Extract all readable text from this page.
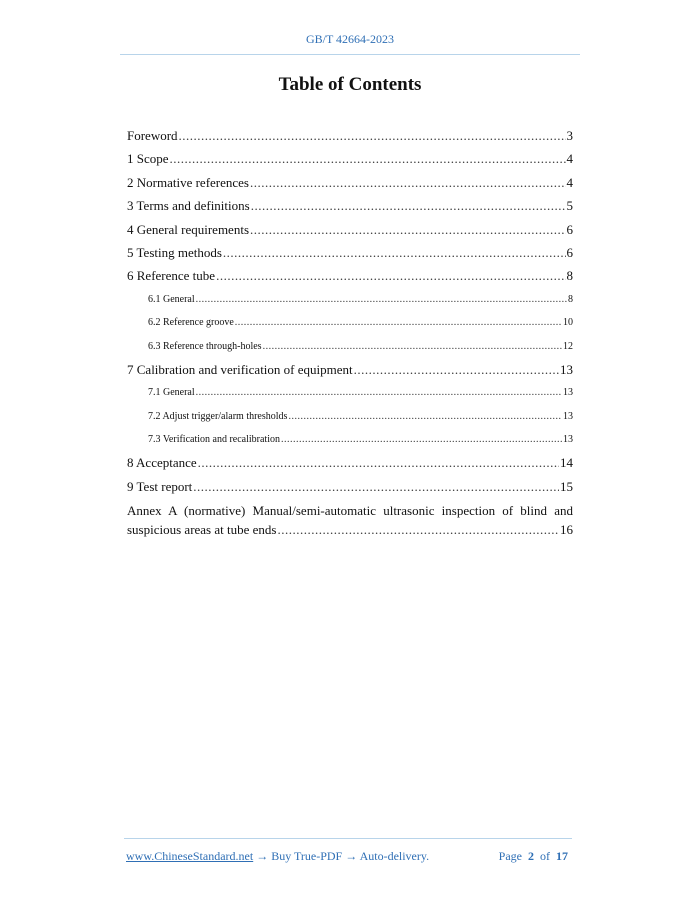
GB/T 42664-2023
Table of Contents
Foreword .....	3
1 Scope .....	4
2 Normative references .....	4
3 Terms and definitions .....	5
4 General requirements .....	6
5 Testing methods .....	6
6 Reference tube .....	8
6.1 General .....	8
6.2 Reference groove .....	10
6.3 Reference through-holes .....	12
7 Calibration and verification of equipment .....	13
7.1 General .....	13
7.2 Adjust trigger/alarm thresholds .....	13
7.3 Verification and recalibration .....	13
8 Acceptance .....	14
9 Test report .....	15
Annex A (normative) Manual/semi-automatic ultrasonic inspection of blind and
suspicious areas at tube ends .....	16
www.ChineseStandard.net → Buy True-PDF → Auto-delivery.	Page 2 of 17
